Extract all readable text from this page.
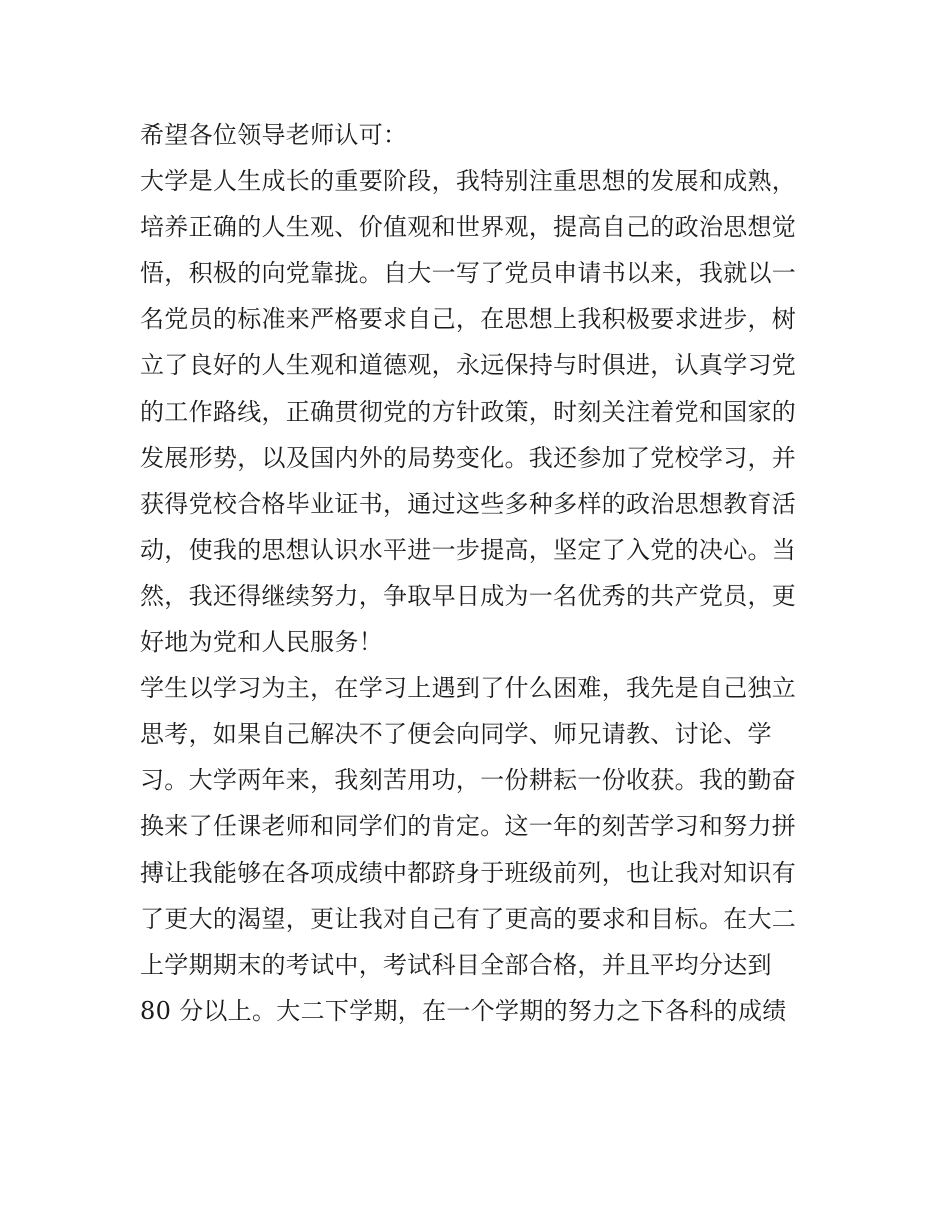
希望各位领导老师认可：
大学是人生成长的重要阶段，我特别注重思想的发展和成熟，
培养正确的人生观、价值观和世界观，提高自己的政治思想觉
悟，积极的向党靠拢。自大一写了党员申请书以来，我就以一
名党员的标准来严格要求自己，在思想上我积极要求进步，树
立了良好的人生观和道德观，永远保持与时俱进，认真学习党
的工作路线，正确贯彻党的方针政策，时刻关注着党和国家的
发展形势，以及国内外的局势变化。我还参加了党校学习，并
获得党校合格毕业证书，通过这些多种多样的政治思想教育活
动，使我的思想认识水平进一步提高，坚定了入党的决心。当
然，我还得继续努力，争取早日成为一名优秀的共产党员，更
好地为党和人民服务！
学生以学习为主，在学习上遇到了什么困难，我先是自己独立
思考，如果自己解决不了便会向同学、师兄请教、讨论、学
习。大学两年来，我刻苦用功，一份耕耘一份收获。我的勤奋
换来了任课老师和同学们的肯定。这一年的刻苦学习和努力拼
搏让我能够在各项成绩中都跻身于班级前列，也让我对知识有
了更大的渴望，更让我对自己有了更高的要求和目标。在大二
上学期期末的考试中，考试科目全部合格，并且平均分达到
80 分以上。大二下学期，在一个学期的努力之下各科的成绩
